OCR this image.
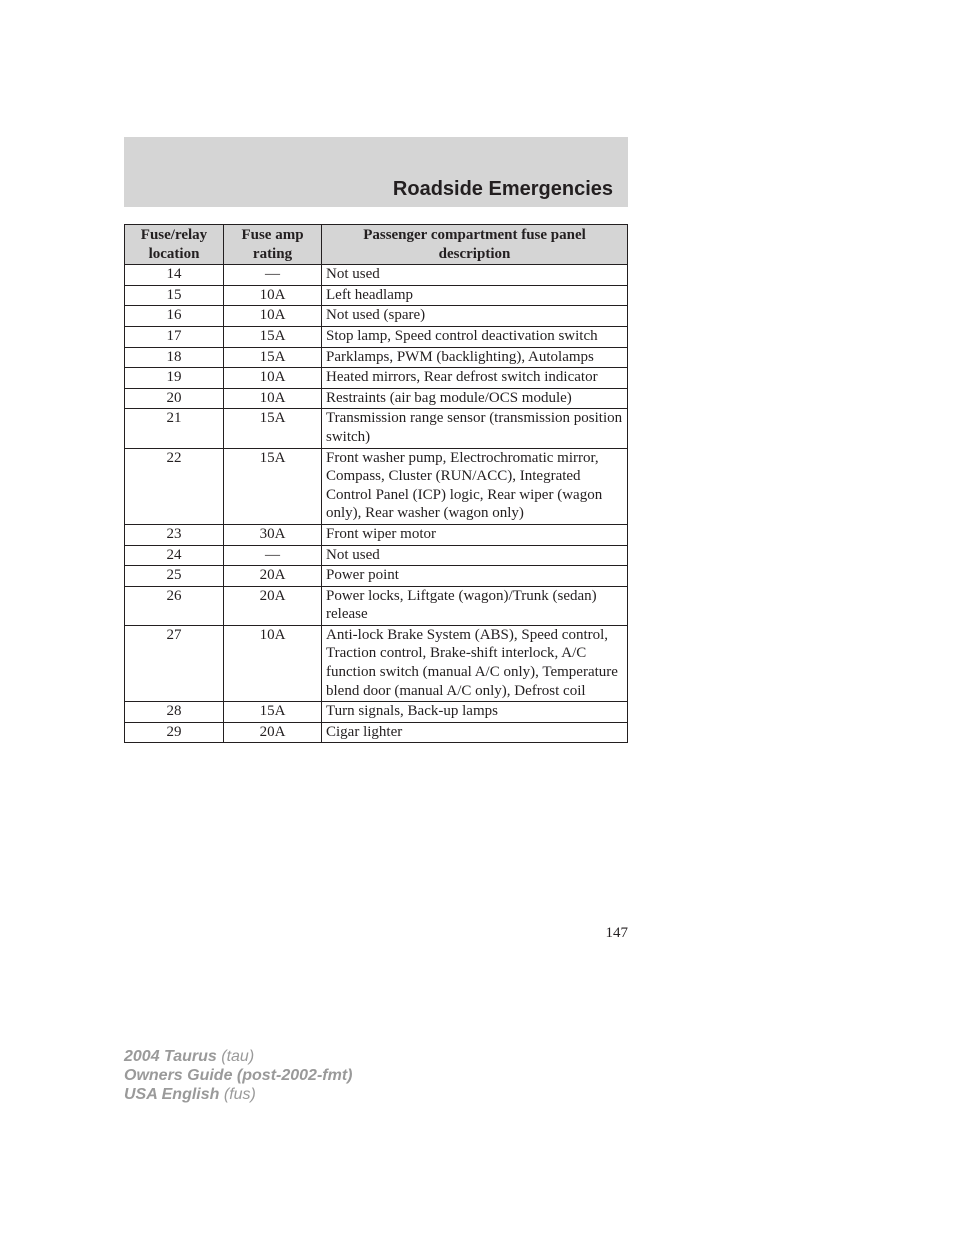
Roadside Emergencies
Fuse/relay location	Fuse amp rating	Passenger compartment fuse panel description
14	—	Not used
15	10A	Left headlamp
16	10A	Not used (spare)
17	15A	Stop lamp, Speed control deactivation switch
18	15A	Parklamps, PWM (backlighting), Autolamps
19	10A	Heated mirrors, Rear defrost switch indicator
20	10A	Restraints (air bag module/OCS module)
21	15A	Transmission range sensor (transmission position switch)
22	15A	Front washer pump, Electrochromatic mirror, Compass, Cluster (RUN/ACC), Integrated Control Panel (ICP) logic, Rear wiper (wagon only), Rear washer (wagon only)
23	30A	Front wiper motor
24	—	Not used
25	20A	Power point
26	20A	Power locks, Liftgate (wagon)/Trunk (sedan) release
27	10A	Anti-lock Brake System (ABS), Speed control, Traction control, Brake-shift interlock, A/C function switch (manual A/C only), Temperature blend door (manual A/C only), Defrost coil
28	15A	Turn signals, Back-up lamps
29	20A	Cigar lighter
147
2004 Taurus (tau)
Owners Guide (post-2002-fmt)
USA English (fus)
